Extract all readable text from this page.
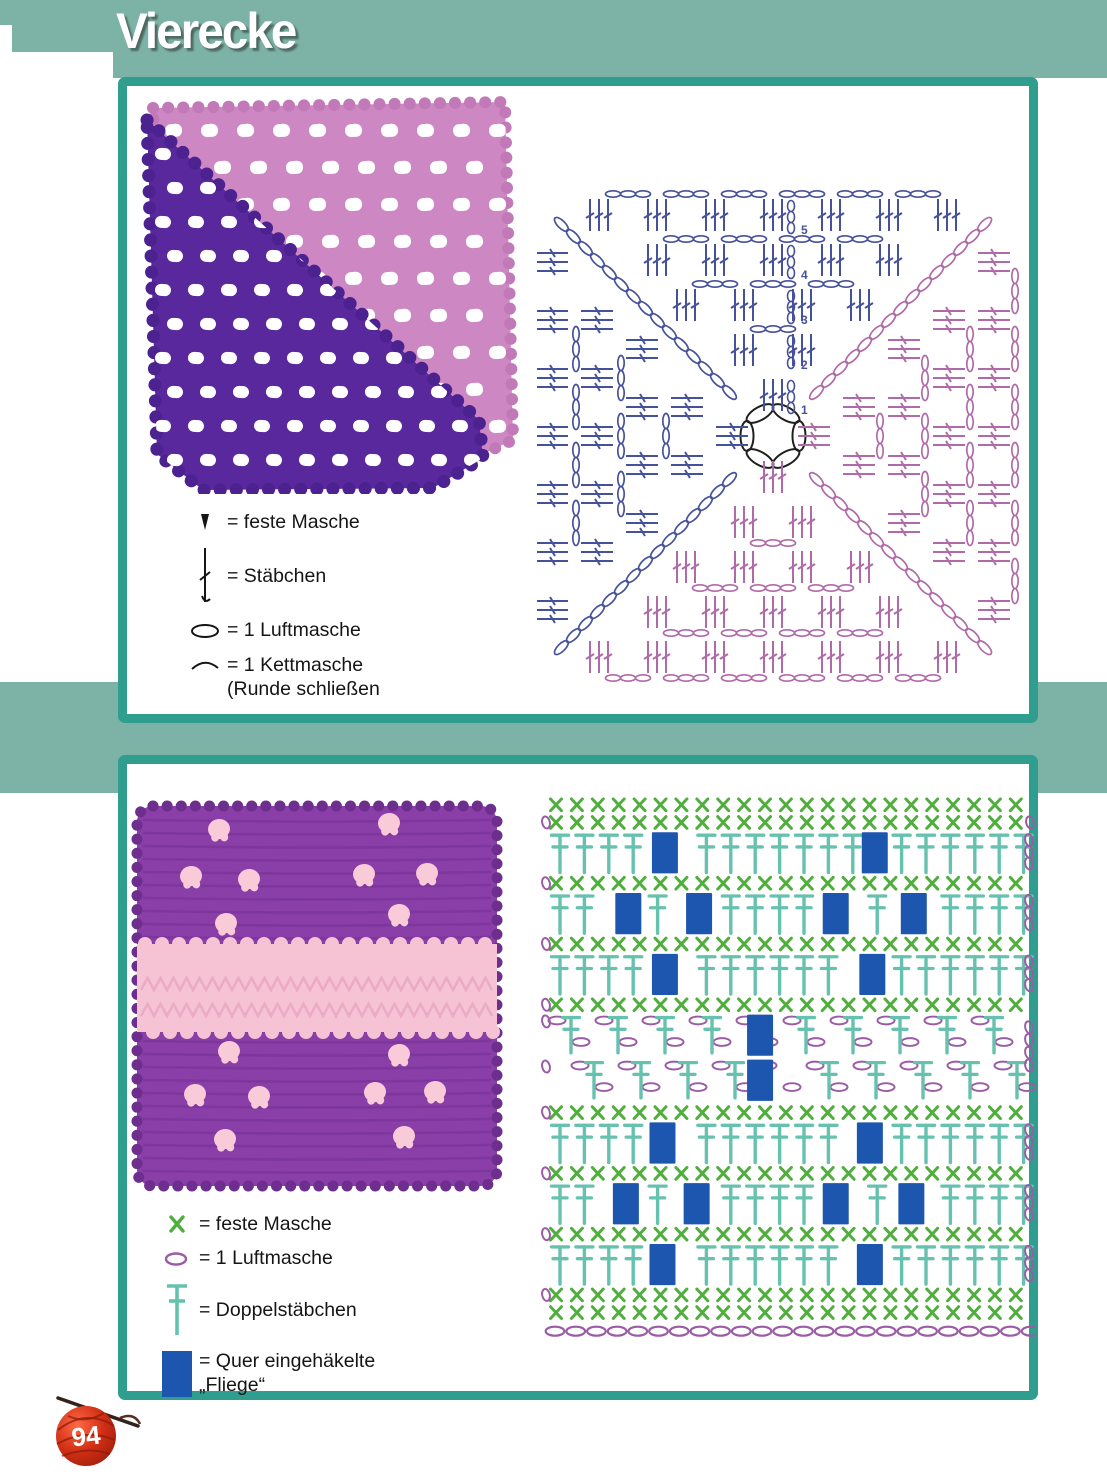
Vierecke
1
2
3
4
5
= feste Masche
= Stäbchen
= 1 Luftmasche
= 1 Kettmasche
(Runde schließen
= feste Masche
= 1 Luftmasche
= Doppelstäbchen
= Quer eingehäkelte
„Fliege“
94
